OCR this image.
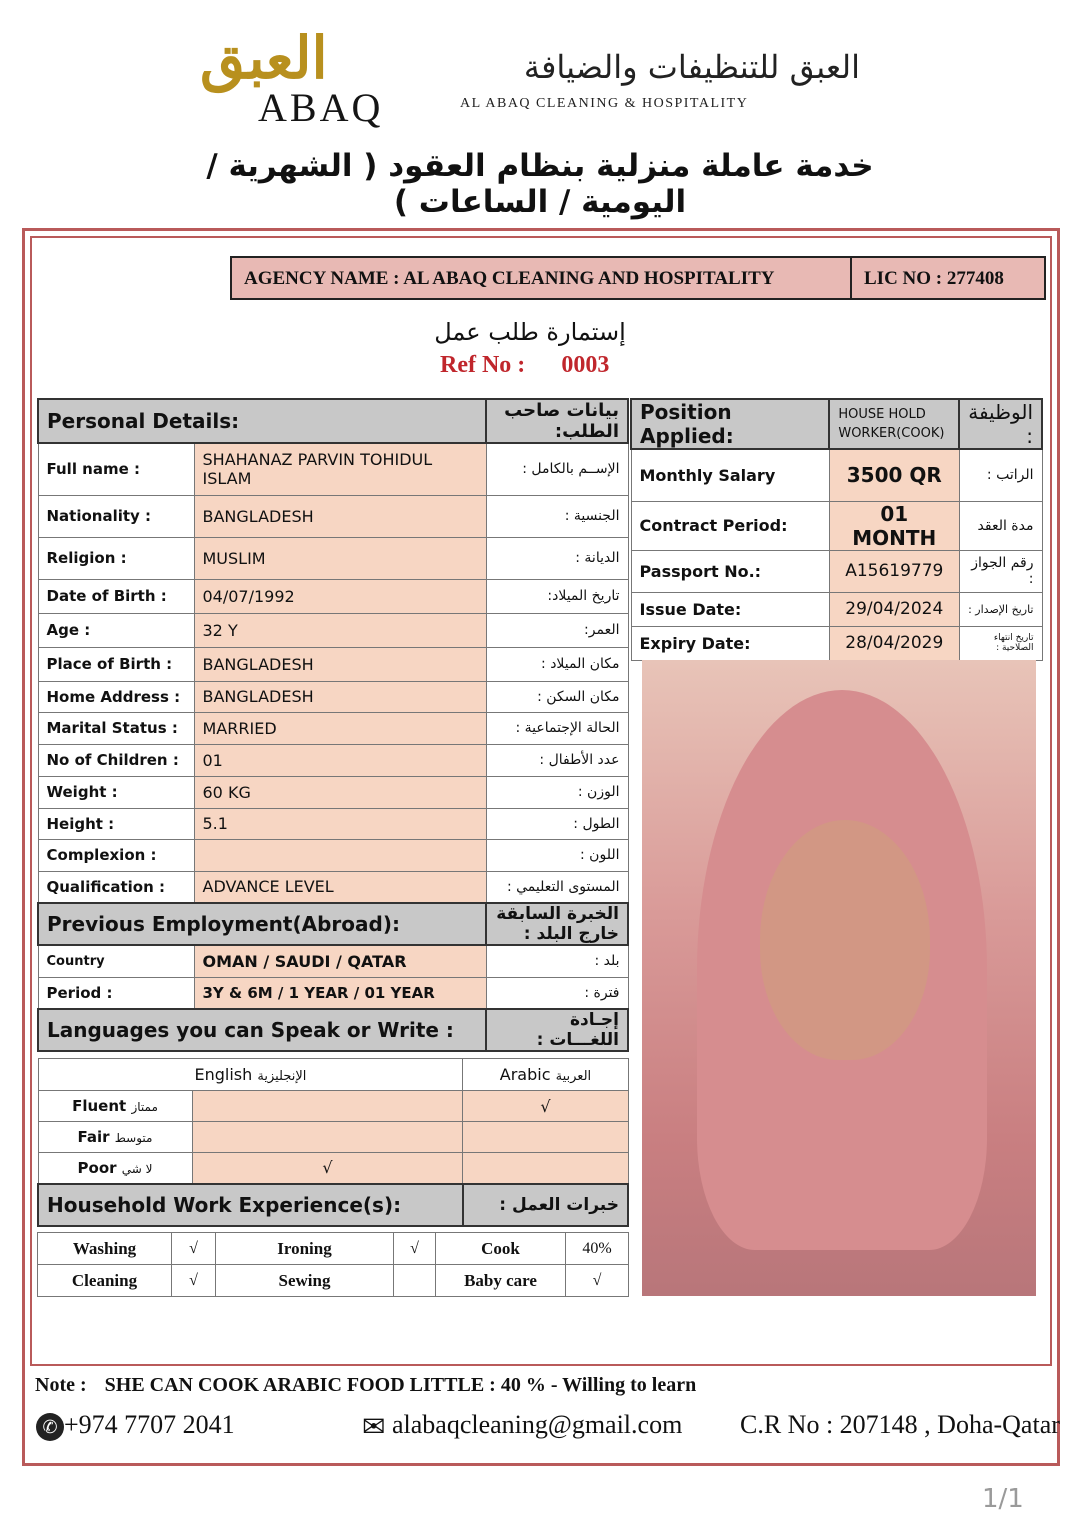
العبق
ABAQ
العبق للتنظيفات والضيافة
AL ABAQ CLEANING & HOSPITALITY
خدمة عاملة منزلية بنظام العقود ( الشهرية / اليومية / الساعات )
AGENCY NAME : AL ABAQ CLEANING AND HOSPITALITY	LIC NO : 277408
إستمارة طلب عمل
Ref No : 0003
Personal Details:		بيانات صاحب الطلب:
Full name :	SHAHANAZ PARVIN TOHIDUL ISLAM	الإســم بالكامل :
Nationality :	BANGLADESH	الجنسية :
Religion :	MUSLIM	الديانة :
Date of Birth :	04/07/1992	تاريخ الميلاد:
Age :	32 Y	العمر:
Place of Birth :	BANGLADESH	مكان الميلاد :
Home Address :	BANGLADESH	مكان السكن :
Marital Status :	MARRIED	الحالة الإجتماعية :
No of Children :	01	عدد الأطفال :
Weight :	60 KG	الوزن :
Height :	5.1	الطول :
Complexion :		اللون :
Qualification :	ADVANCE LEVEL	المستوى التعليمي :
Previous Employment(Abroad):		الخبرة السابقة خارج البلد :
Country	OMAN / SAUDI / QATAR	بلد :
Period :	3Y & 6M / 1 YEAR / 01 YEAR	فترة :
Languages you can Speak or Write :		إجـادة اللغـــات :
English الإنجليزية		Arabic العربية
Fluent ممتاز		√
Fair متوسط		
Poor لا شي	√	
Household Work Experience(s):		خبرات العمل :
Washing	√	Ironing	√	Cook	40%
Cleaning	√	Sewing		Baby care	√
Position Applied:	HOUSE HOLD WORKER(COOK)	الوظيفة :
Monthly Salary	3500 QR	الراتب :
Contract Period:	01 MONTH	مدة العقد
Passport No.:	A15619779	رقم الجواز :
Issue Date:	29/04/2024	تاريخ الإصدار :
Expiry Date:	28/04/2029	تاريخ انتهاء الصلاحية :
Note : SHE CAN COOK ARABIC FOOD LITTLE : 40 % - Willing to learn
✆ +974 7707 2041	✉ alabaqcleaning@gmail.com C.R No : 207148 , Doha-Qatar
1/1
